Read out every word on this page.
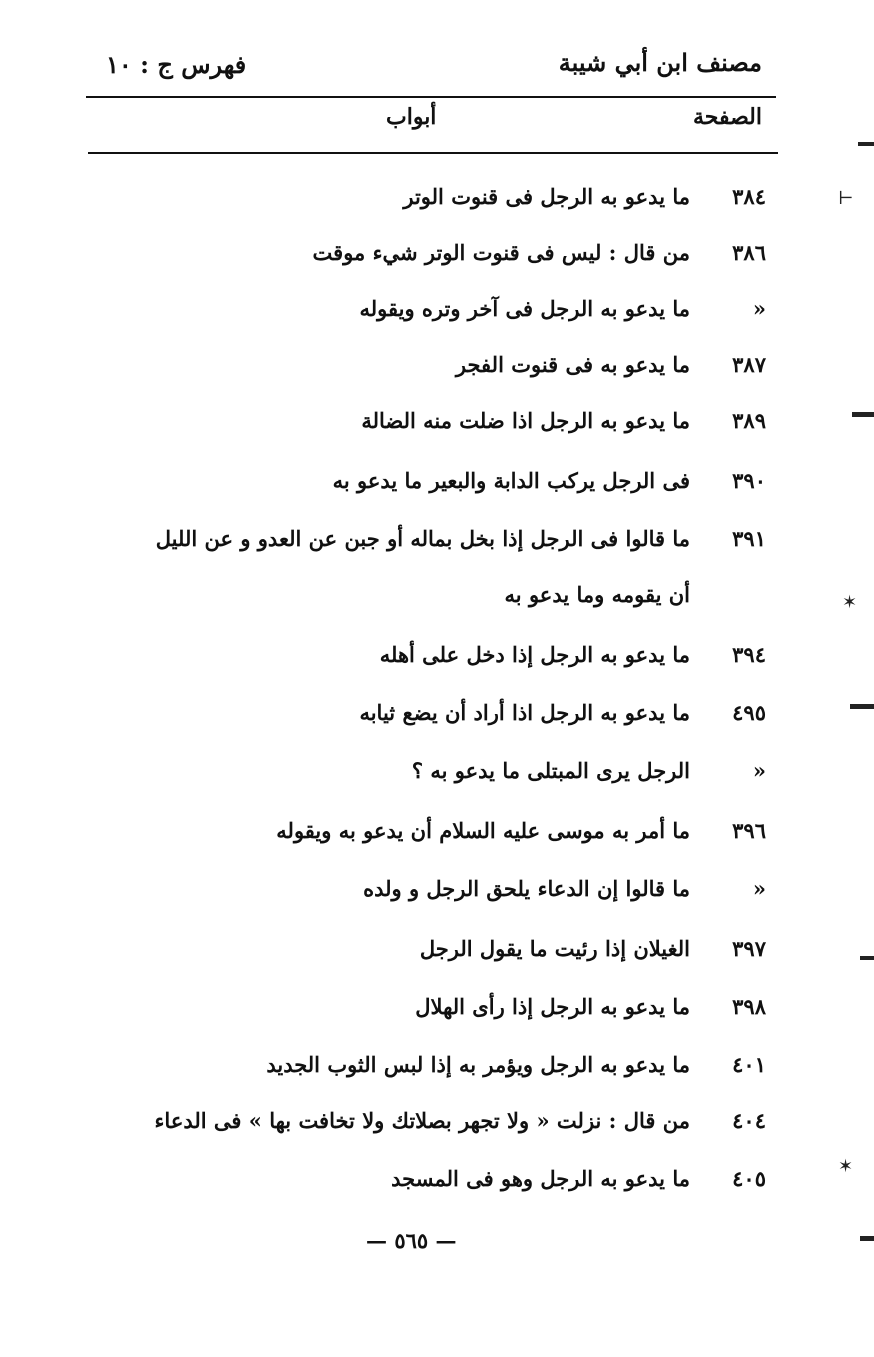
مصنف ابن أبي شيبة
فهرس ج : ١٠
الصفحة
أبواب
٣٨٤
ما يدعو به الرجل فى قنوت الوتر
٣٨٦
من قال : ليس فى قنوت الوتر شيء موقت
«
ما يدعو به الرجل فى آخر وتره ويقوله
٣٨٧
ما يدعو به فى قنوت الفجر
٣٨٩
ما يدعو به الرجل اذا ضلت منه الضالة
٣٩٠
فى الرجل يركب الدابة والبعير ما يدعو به
٣٩١
ما قالوا فى الرجل إذا بخل بماله أو جبن عن العدو و عن الليل
أن يقومه وما يدعو به
٣٩٤
ما يدعو به الرجل إذا دخل على أهله
٤٩٥
ما يدعو به الرجل اذا أراد أن يضع ثيابه
«
الرجل يرى المبتلى ما يدعو به ؟
٣٩٦
ما أمر به موسى عليه السلام أن يدعو به ويقوله
«
ما قالوا إن الدعاء يلحق الرجل و ولده
٣٩٧
الغيلان إذا رئيت ما يقول الرجل
٣٩٨
ما يدعو به الرجل إذا رأى الهلال
٤٠١
ما يدعو به الرجل ويؤمر به إذا لبس الثوب الجديد
٤٠٤
من قال : نزلت « ولا تجهر بصلاتك ولا تخافت بها » فى الدعاء
٤٠٥
ما يدعو به الرجل وهو فى المسجد
— ٥٦٥ —
⊢
✶
✶
